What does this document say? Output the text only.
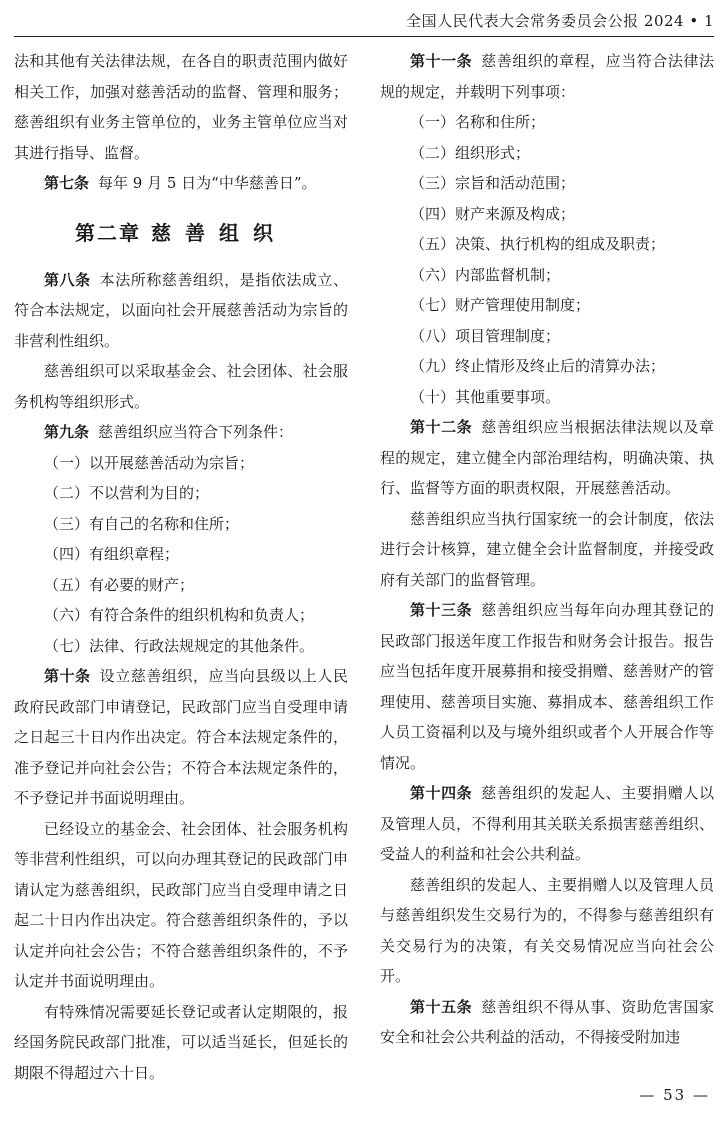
全国人民代表大会常务委员会公报 2024 • 1

法和其他有关法律法规，在各自的职责范围内做好相关工作，加强对慈善活动的监督、管理和服务；慈善组织有业务主管单位的，业务主管单位应当对其进行指导、监督。

第七条 每年 9 月 5 日为“中华慈善日”。

第二章 慈善组织

第八条 本法所称慈善组织，是指依法成立、符合本法规定，以面向社会开展慈善活动为宗旨的非营利性组织。

慈善组织可以采取基金会、社会团体、社会服务机构等组织形式。

第九条 慈善组织应当符合下列条件：

（一）以开展慈善活动为宗旨；

（二）不以营利为目的；

（三）有自己的名称和住所；

（四）有组织章程；

（五）有必要的财产；

（六）有符合条件的组织机构和负责人；

（七）法律、行政法规规定的其他条件。

第十条 设立慈善组织，应当向县级以上人民政府民政部门申请登记，民政部门应当自受理申请之日起三十日内作出决定。符合本法规定条件的，准予登记并向社会公告；不符合本法规定条件的，不予登记并书面说明理由。

已经设立的基金会、社会团体、社会服务机构等非营利性组织，可以向办理其登记的民政部门申请认定为慈善组织，民政部门应当自受理申请之日起二十日内作出决定。符合慈善组织条件的，予以认定并向社会公告；不符合慈善组织条件的，不予认定并书面说明理由。

有特殊情况需要延长登记或者认定期限的，报经国务院民政部门批准，可以适当延长，但延长的期限不得超过六十日。

第十一条 慈善组织的章程，应当符合法律法规的规定，并载明下列事项：

（一）名称和住所；

（二）组织形式；

（三）宗旨和活动范围；

（四）财产来源及构成；

（五）决策、执行机构的组成及职责；

（六）内部监督机制；

（七）财产管理使用制度；

（八）项目管理制度；

（九）终止情形及终止后的清算办法；

（十）其他重要事项。

第十二条 慈善组织应当根据法律法规以及章程的规定，建立健全内部治理结构，明确决策、执行、监督等方面的职责权限，开展慈善活动。

慈善组织应当执行国家统一的会计制度，依法进行会计核算，建立健全会计监督制度，并接受政府有关部门的监督管理。

第十三条 慈善组织应当每年向办理其登记的民政部门报送年度工作报告和财务会计报告。报告应当包括年度开展募捐和接受捐赠、慈善财产的管理使用、慈善项目实施、募捐成本、慈善组织工作人员工资福利以及与境外组织或者个人开展合作等情况。

第十四条 慈善组织的发起人、主要捐赠人以及管理人员，不得利用其关联关系损害慈善组织、受益人的利益和社会公共利益。

慈善组织的发起人、主要捐赠人以及管理人员与慈善组织发生交易行为的，不得参与慈善组织有关交易行为的决策，有关交易情况应当向社会公开。

第十五条 慈善组织不得从事、资助危害国家安全和社会公共利益的活动，不得接受附加违

— 53 —
